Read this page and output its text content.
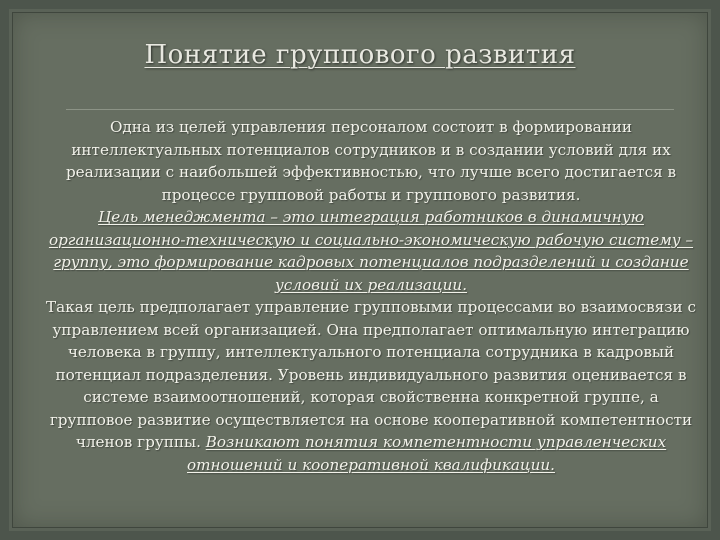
Понятие группового развития

Одна из целей управления персоналом состоит в формировании интеллектуальных потенциалов сотрудников и в создании условий для их реализации с наибольшей эффективностью, что лучше всего достигается в процессе групповой работы и группового развития.

Цель менеджмента – это интеграция работников в динамичную организационно-техническую и социально-экономическую рабочую систему – группу, это формирование кадровых потенциалов подразделений и создание условий их реализации.

Такая цель предполагает управление групповыми процессами во взаимосвязи с управлением всей организацией. Она предполагает оптимальную интеграцию человека в группу, интеллектуального потенциала сотрудника в кадровый потенциал подразделения. Уровень индивидуального развития оценивается в системе взаимоотношений, которая свойственна конкретной группе, а групповое развитие осуществляется на основе кооперативной компетентности членов группы. Возникают понятия компетентности управленческих отношений и кооперативной квалификации.
